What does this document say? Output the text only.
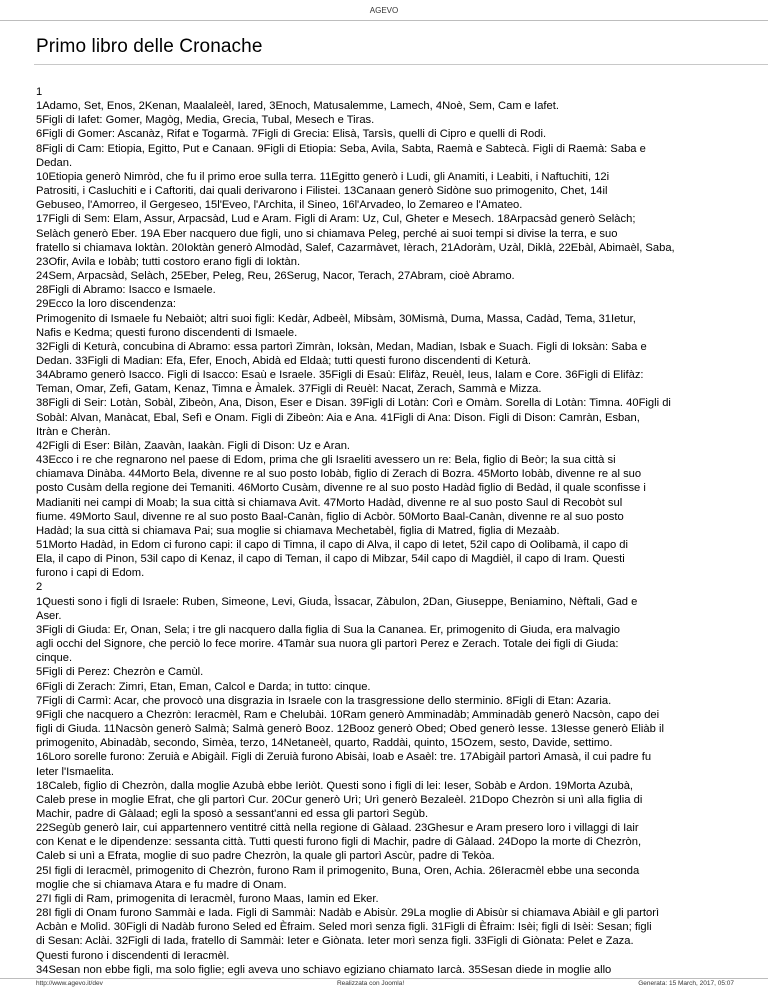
AGEVO
Primo libro delle Cronache
1
1Adamo, Set, Enos, 2Kenan, Maalaleèl, Iared, 3Enoch, Matusalemme, Lamech, 4Noè, Sem, Cam e Iafet.
5Figli di Iafet: Gomer, Magòg, Media, Grecia, Tubal, Mesech e Tiras.
6Figli di Gomer: Ascanàz, Rifat e Togarmà. 7Figli di Grecia: Elisà, Tarsìs, quelli di Cipro e quelli di Rodi.
8Figli di Cam: Etiopia, Egitto, Put e Canaan. 9Figli di Etiopia: Seba, Avila, Sabta, Raemà e Sabtecà. Figli di Raemà: Saba e
Dedan.
10Etiopia generò Nimròd, che fu il primo eroe sulla terra. 11Egitto generò i Ludi, gli Anamiti, i Leabiti, i Naftuchiti, 12i
Patrositi, i Casluchiti e i Caftoriti, dai quali derivarono i Filistei. 13Canaan generò Sidòne suo primogenito, Chet, 14il
Gebuseo, l'Amorreo, il Gergeseo, 15l'Eveo, l'Archita, il Sineo, 16l'Arvadeo, lo Zemareo e l'Amateo.
17Figli di Sem: Elam, Assur, Arpacsàd, Lud e Aram. Figli di Aram: Uz, Cul, Gheter e Mesech. 18Arpacsàd generò Selàch;
Selàch generò Eber. 19A Eber nacquero due figli, uno si chiamava Peleg, perché ai suoi tempi si divise la terra, e suo
fratello si chiamava Ioktàn. 20Ioktàn generò Almodàd, Salef, Cazarmàvet, Ièrach, 21Adoràm, Uzàl, Diklà, 22Ebàl, Abimaèl, Saba,
23Ofir, Avila e Iobàb; tutti costoro erano figli di Ioktàn.
24Sem, Arpacsàd, Selàch, 25Eber, Peleg, Reu, 26Serug, Nacor, Terach, 27Abram, cioè Abramo.
28Figli di Abramo: Isacco e Ismaele.
29Ecco la loro discendenza:
Primogenito di Ismaele fu Nebaiòt; altri suoi figli: Kedàr, Adbeèl, Mibsàm, 30Mismà, Duma, Massa, Cadàd, Tema, 31Ietur,
Nafis e Kedma; questi furono discendenti di Ismaele.
32Figli di Keturà, concubina di Abramo: essa partorì Zimràn, Ioksàn, Medan, Madian, Isbak e Suach. Figli di Ioksàn: Saba e
Dedan. 33Figli di Madian: Efa, Efer, Enoch, Abidà ed Eldaà; tutti questi furono discendenti di Keturà.
34Abramo generò Isacco. Figli di Isacco: Esaù e Israele. 35Figli di Esaù: Elifàz, Reuèl, Ieus, Ialam e Core. 36Figli di Elifàz:
Teman, Omar, Zefi, Gatam, Kenaz, Timna e Àmalek. 37Figli di Reuèl: Nacat, Zerach, Sammà e Mizza.
38Figli di Seir: Lotàn, Sobàl, Zibeòn, Ana, Dison, Eser e Disan. 39Figli di Lotàn: Corì e Omàm. Sorella di Lotàn: Timna. 40Figli di
Sobàl: Alvan, Manàcat, Ebal, Sefì e Onam. Figli di Zibeòn: Aia e Ana. 41Figli di Ana: Dison. Figli di Dison: Camràn, Esban,
Itràn e Cheràn.
42Figli di Eser: Bilàn, Zaavàn, Iaakàn. Figli di Dison: Uz e Aran.
43Ecco i re che regnarono nel paese di Edom, prima che gli Israeliti avessero un re: Bela, figlio di Beòr; la sua città si
chiamava Dinàba. 44Morto Bela, divenne re al suo posto Iobàb, figlio di Zerach di Bozra. 45Morto Iobàb, divenne re al suo
posto Cusàm della regione dei Temaniti. 46Morto Cusàm, divenne re al suo posto Hadàd figlio di Bedàd, il quale sconfisse i
Madianiti nei campi di Moab; la sua città si chiamava Avit. 47Morto Hadàd, divenne re al suo posto Saul di Recobòt sul
fiume. 49Morto Saul, divenne re al suo posto Baal-Canàn, figlio di Acbòr. 50Morto Baal-Canàn, divenne re al suo posto
Hadàd; la sua città si chiamava Pai; sua moglie si chiamava Mechetabèl, figlia di Matred, figlia di Mezaàb.
51Morto Hadàd, in Edom ci furono capi: il capo di Timna, il capo di Alva, il capo di Ietet, 52il capo di Oolibamà, il capo di
Ela, il capo di Pinon, 53il capo di Kenaz, il capo di Teman, il capo di Mibzar, 54il capo di Magdièl, il capo di Iram. Questi
furono i capi di Edom.
2
1Questi sono i figli di Israele: Ruben, Simeone, Levi, Giuda, Ìssacar, Zàbulon, 2Dan, Giuseppe, Beniamino, Nèftali, Gad e
Aser.
3Figli di Giuda: Er, Onan, Sela; i tre gli nacquero dalla figlia di Sua la Cananea. Er, primogenito di Giuda, era malvagio
agli occhi del Signore, che perciò lo fece morire. 4Tamàr sua nuora gli partorì Perez e Zerach. Totale dei figli di Giuda:
cinque.
5Figli di Perez: Chezròn e Camùl.
6Figli di Zerach: Zimri, Etan, Eman, Calcol e Darda; in tutto: cinque.
7Figli di Carmì: Acar, che provocò una disgrazia in Israele con la trasgressione dello sterminio. 8Figli di Etan: Azaria.
9Figli che nacquero a Chezròn: Ieracmèl, Ram e Chelubài. 10Ram generò Amminadàb; Amminadàb generò Nacsòn, capo dei
figli di Giuda. 11Nacsòn generò Salmà; Salmà generò Booz. 12Booz generò Obed; Obed generò Iesse. 13Iesse generò Eliàb il
primogenito, Abinadàb, secondo, Simèa, terzo, 14Netaneèl, quarto, Raddài, quinto, 15Ozem, sesto, Davide, settimo.
16Loro sorelle furono: Zeruià e Abigàil. Figli di Zeruià furono Abisài, Ioab e Asaèl: tre. 17Abigàil partorì Amasà, il cui padre fu
Ieter l'Ismaelita.
18Caleb, figlio di Chezròn, dalla moglie Azubà ebbe Ieriòt. Questi sono i figli di lei: Ieser, Sobàb e Ardon. 19Morta Azubà,
Caleb prese in moglie Efrat, che gli partorì Cur. 20Cur generò Urì; Urì generò Bezaleèl. 21Dopo Chezròn si unì alla figlia di
Machir, padre di Gàlaad; egli la sposò a sessant'anni ed essa gli partorì Segùb.
22Segùb generò Iair, cui appartennero ventitré città nella regione di Gàlaad. 23Ghesur e Aram presero loro i villaggi di Iair
con Kenat e le dipendenze: sessanta città. Tutti questi furono figli di Machir, padre di Gàlaad. 24Dopo la morte di Chezròn,
Caleb si unì a Efrata, moglie di suo padre Chezròn, la quale gli partorì Ascùr, padre di Tekòa.
25I figli di Ieracmèl, primogenito di Chezròn, furono Ram il primogenito, Buna, Oren, Achia. 26Ieracmèl ebbe una seconda
moglie che si chiamava Atara e fu madre di Onam.
27I figli di Ram, primogenita di Ieracmèl, furono Maas, Iamin ed Eker.
28I figli di Onam furono Sammài e Iada. Figli di Sammài: Nadàb e Abisùr. 29La moglie di Abisùr si chiamava Abiàil e gli partorì
Acbàn e Molìd. 30Figli di Nadàb furono Seled ed Èfraim. Seled morì senza figli. 31Figli di Èfraim: Isèi; figli di Isèi: Sesan; figli
di Sesan: Aclài. 32Figli di Iada, fratello di Sammài: Ieter e Giònata. Ieter morì senza figli. 33Figli di Giònata: Pelet e Zaza.
Questi furono i discendenti di Ieracmèl.
34Sesan non ebbe figli, ma solo figlie; egli aveva uno schiavo egiziano chiamato Iarcà. 35Sesan diede in moglie allo
http://www.agevo.it/dev	Realizzata con Joomla!	Generata: 15 March, 2017, 05:07
